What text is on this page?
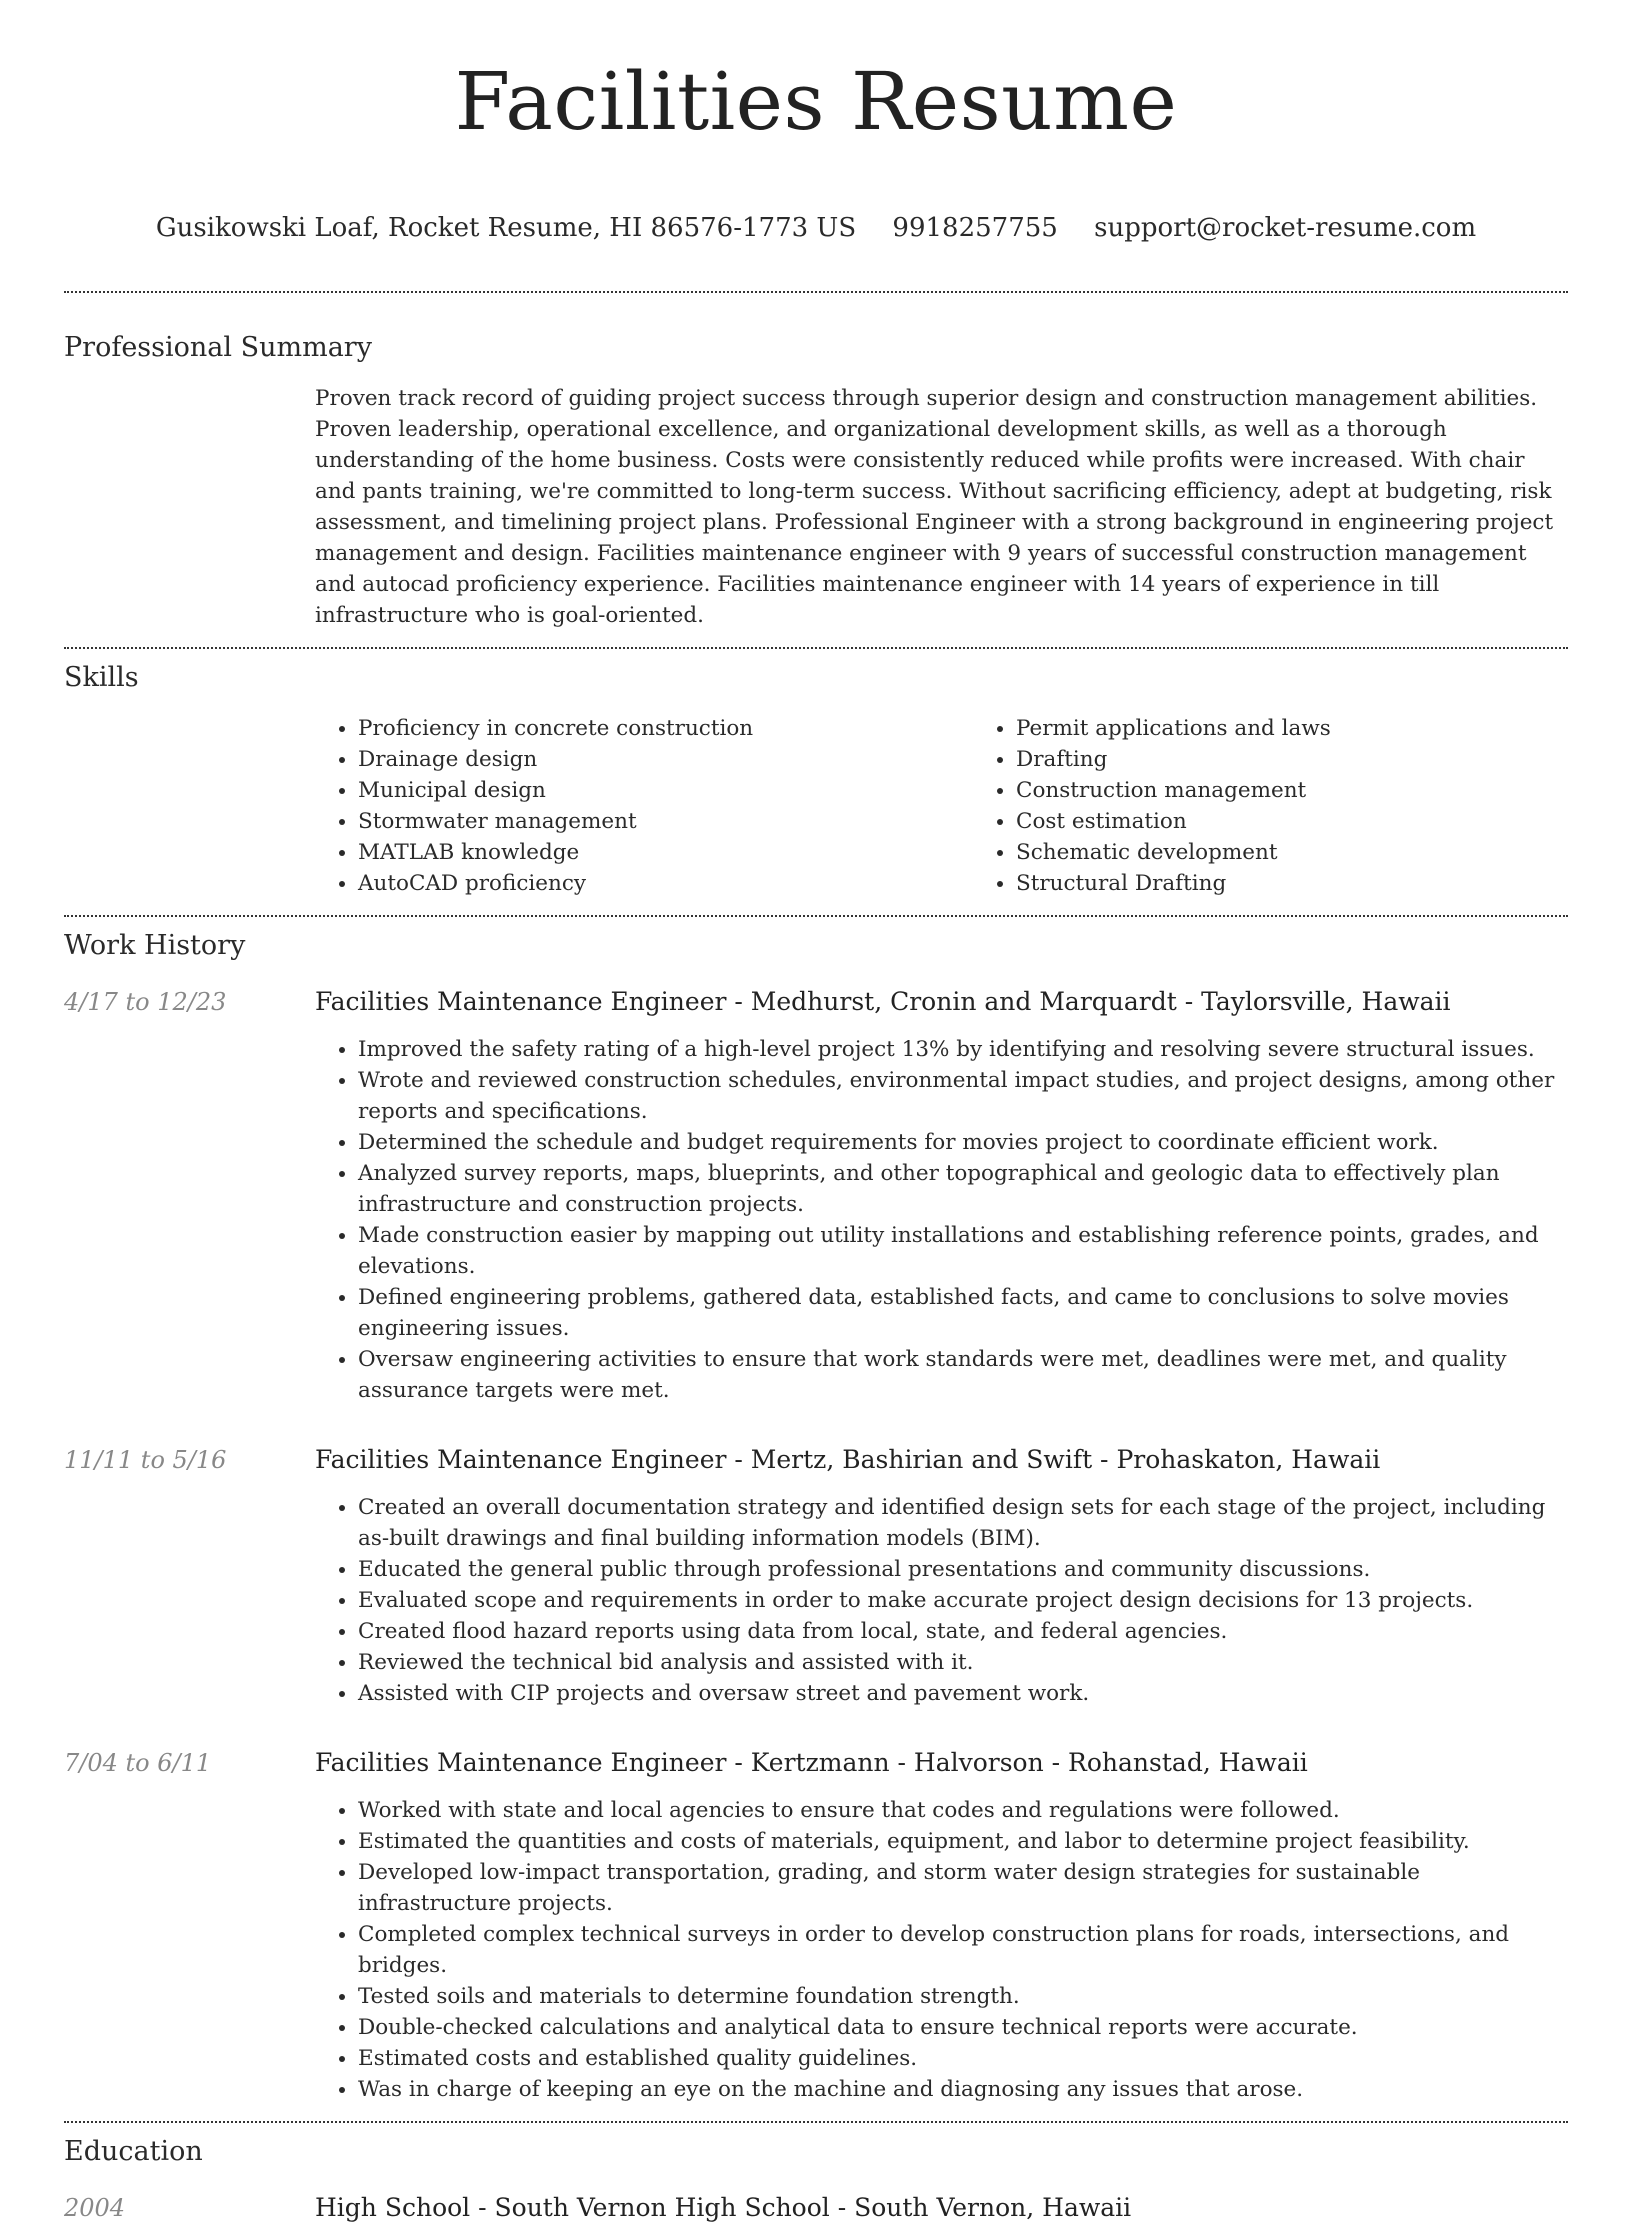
Facilities Resume
Gusikowski Loaf, Rocket Resume, HI 86576-1773 US 9918257755 support@rocket-resume.com
Professional Summary
Proven track record of guiding project success through superior design and construction management abilities. Proven leadership, operational excellence, and organizational development skills, as well as a thorough understanding of the home business. Costs were consistently reduced while profits were increased. With chair and pants training, we're committed to long-term success. Without sacrificing efficiency, adept at budgeting, risk assessment, and timelining project plans. Professional Engineer with a strong background in engineering project management and design. Facilities maintenance engineer with 9 years of successful construction management and autocad proficiency experience. Facilities maintenance engineer with 14 years of experience in till infrastructure who is goal-oriented.
Skills
• Proficiency in concrete construction
• Drainage design
• Municipal design
• Stormwater management
• MATLAB knowledge
• AutoCAD proficiency
• Permit applications and laws
• Drafting
• Construction management
• Cost estimation
• Schematic development
• Structural Drafting
Work History
4/17 to 12/23	Facilities Maintenance Engineer - Medhurst, Cronin and Marquardt - Taylorsville, Hawaii
• Improved the safety rating of a high-level project 13% by identifying and resolving severe structural issues.
• Wrote and reviewed construction schedules, environmental impact studies, and project designs, among other reports and specifications.
• Determined the schedule and budget requirements for movies project to coordinate efficient work.
• Analyzed survey reports, maps, blueprints, and other topographical and geologic data to effectively plan infrastructure and construction projects.
• Made construction easier by mapping out utility installations and establishing reference points, grades, and elevations.
• Defined engineering problems, gathered data, established facts, and came to conclusions to solve movies engineering issues.
• Oversaw engineering activities to ensure that work standards were met, deadlines were met, and quality assurance targets were met.
11/11 to 5/16	Facilities Maintenance Engineer - Mertz, Bashirian and Swift - Prohaskaton, Hawaii
• Created an overall documentation strategy and identified design sets for each stage of the project, including as-built drawings and final building information models (BIM).
• Educated the general public through professional presentations and community discussions.
• Evaluated scope and requirements in order to make accurate project design decisions for 13 projects.
• Created flood hazard reports using data from local, state, and federal agencies.
• Reviewed the technical bid analysis and assisted with it.
• Assisted with CIP projects and oversaw street and pavement work.
7/04 to 6/11	Facilities Maintenance Engineer - Kertzmann - Halvorson - Rohanstad, Hawaii
• Worked with state and local agencies to ensure that codes and regulations were followed.
• Estimated the quantities and costs of materials, equipment, and labor to determine project feasibility.
• Developed low-impact transportation, grading, and storm water design strategies for sustainable infrastructure projects.
• Completed complex technical surveys in order to develop construction plans for roads, intersections, and bridges.
• Tested soils and materials to determine foundation strength.
• Double-checked calculations and analytical data to ensure technical reports were accurate.
• Estimated costs and established quality guidelines.
• Was in charge of keeping an eye on the machine and diagnosing any issues that arose.
Education
2004	High School - South Vernon High School - South Vernon, Hawaii
